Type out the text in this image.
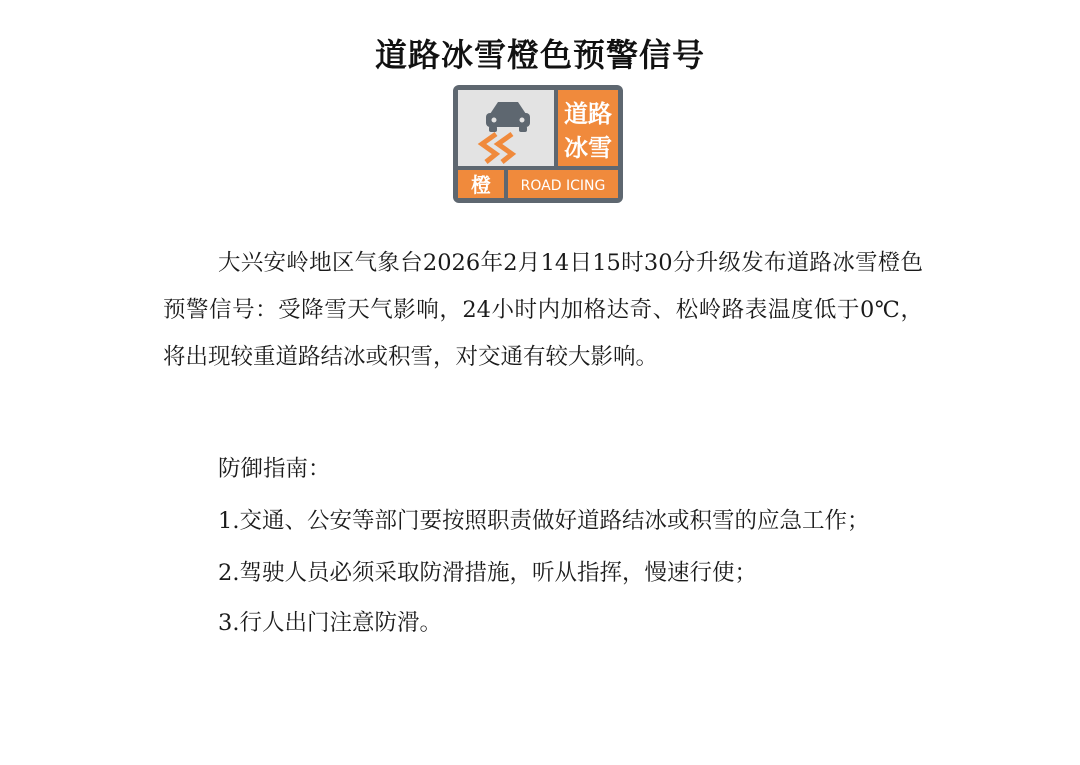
道路冰雪橙色预警信号
道路
冰雪
橙 ROAD ICING
大兴安岭地区气象台2026年2月14日15时30分升级发布道路冰雪橙色预警信号：受降雪天气影响，24小时内加格达奇、松岭路表温度低于0℃，将出现较重道路结冰或积雪，对交通有较大影响。
防御指南：
1.交通、公安等部门要按照职责做好道路结冰或积雪的应急工作；
2.驾驶人员必须采取防滑措施，听从指挥，慢速行使；
3.行人出门注意防滑。
